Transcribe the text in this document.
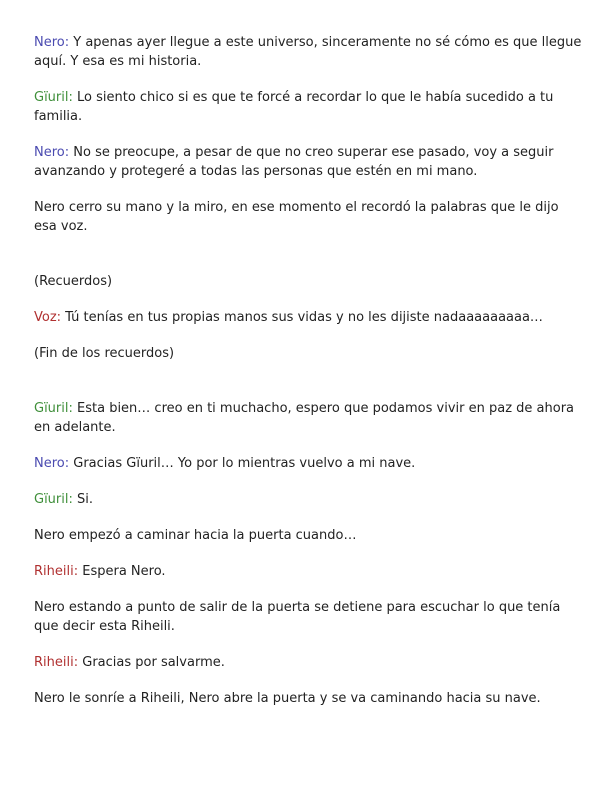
Nero: Y apenas ayer llegue a este universo, sinceramente no sé cómo es que llegue aquí. Y esa es mi historia.

Gïuril: Lo siento chico si es que te forcé a recordar lo que le había sucedido a tu familia.

Nero: No se preocupe, a pesar de que no creo superar ese pasado, voy a seguir avanzando y protegeré a todas las personas que estén en mi mano.

Nero cerro su mano y la miro, en ese momento el recordó la palabras que le dijo esa voz.

(Recuerdos)

Voz: Tú tenías en tus propias manos sus vidas y no les dijiste nadaaaaaaaaa…

(Fin de los recuerdos)

Gïuril: Esta bien… creo en ti muchacho, espero que podamos vivir en paz de ahora en adelante.

Nero: Gracias Gïuril… Yo por lo mientras vuelvo a mi nave.

Gïuril: Si.

Nero empezó a caminar hacia la puerta cuando…

Riheili: Espera Nero.

Nero estando a punto de salir de la puerta se detiene para escuchar lo que tenía que decir esta Riheili.

Riheili: Gracias por salvarme.

Nero le sonríe a Riheili, Nero abre la puerta y se va caminando hacia su nave.
